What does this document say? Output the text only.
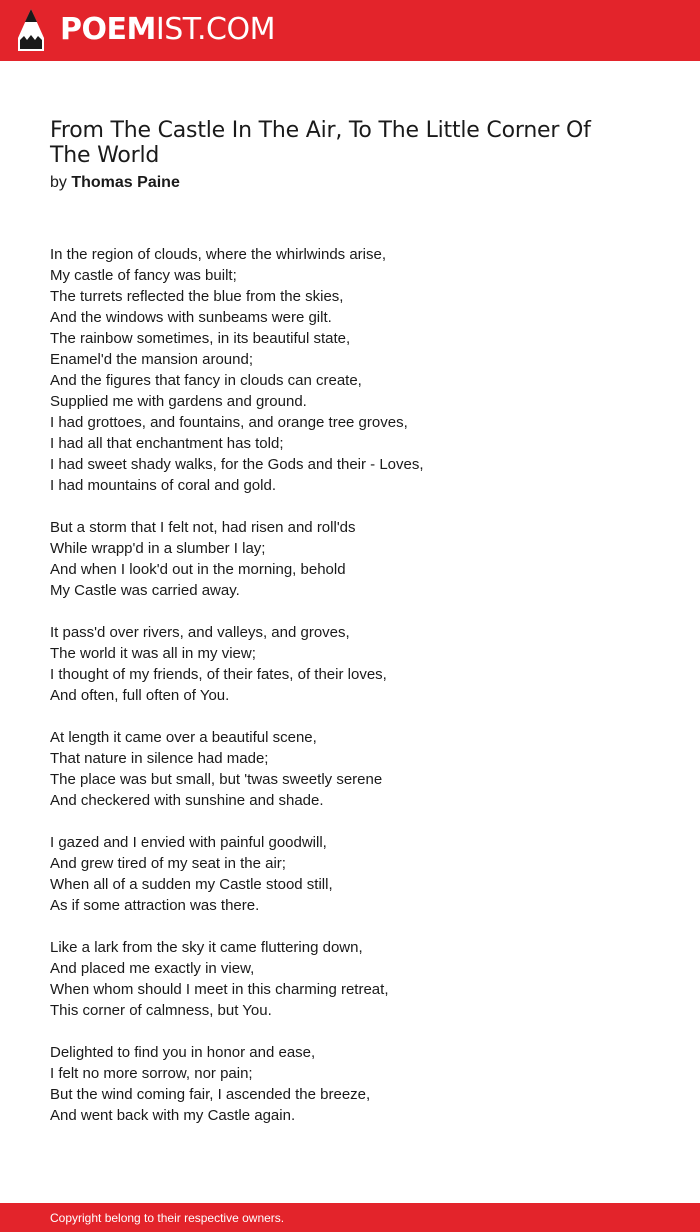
POEMIST.COM
From The Castle In The Air, To The Little Corner Of The World
by Thomas Paine
In the region of clouds, where the whirlwinds arise,
My castle of fancy was built;
The turrets reflected the blue from the skies,
And the windows with sunbeams were gilt.
The rainbow sometimes, in its beautiful state,
Enamel'd the mansion around;
And the figures that fancy in clouds can create,
Supplied me with gardens and ground.
I had grottoes, and fountains, and orange tree groves,
I had all that enchantment has told;
I had sweet shady walks, for the Gods and their - Loves,
I had mountains of coral and gold.
But a storm that I felt not, had risen and roll'ds
While wrapp'd in a slumber I lay;
And when I look'd out in the morning, behold
My Castle was carried away.
It pass'd over rivers, and valleys, and groves,
The world it was all in my view;
I thought of my friends, of their fates, of their loves,
And often, full often of You.
At length it came over a beautiful scene,
That nature in silence had made;
The place was but small, but 'twas sweetly serene
And checkered with sunshine and shade.
I gazed and I envied with painful goodwill,
And grew tired of my seat in the air;
When all of a sudden my Castle stood still,
As if some attraction was there.
Like a lark from the sky it came fluttering down,
And placed me exactly in view,
When whom should I meet in this charming retreat,
This corner of calmness, but You.
Delighted to find you in honor and ease,
I felt no more sorrow, nor pain;
But the wind coming fair, I ascended the breeze,
And went back with my Castle again.
Copyright belong to their respective owners.
